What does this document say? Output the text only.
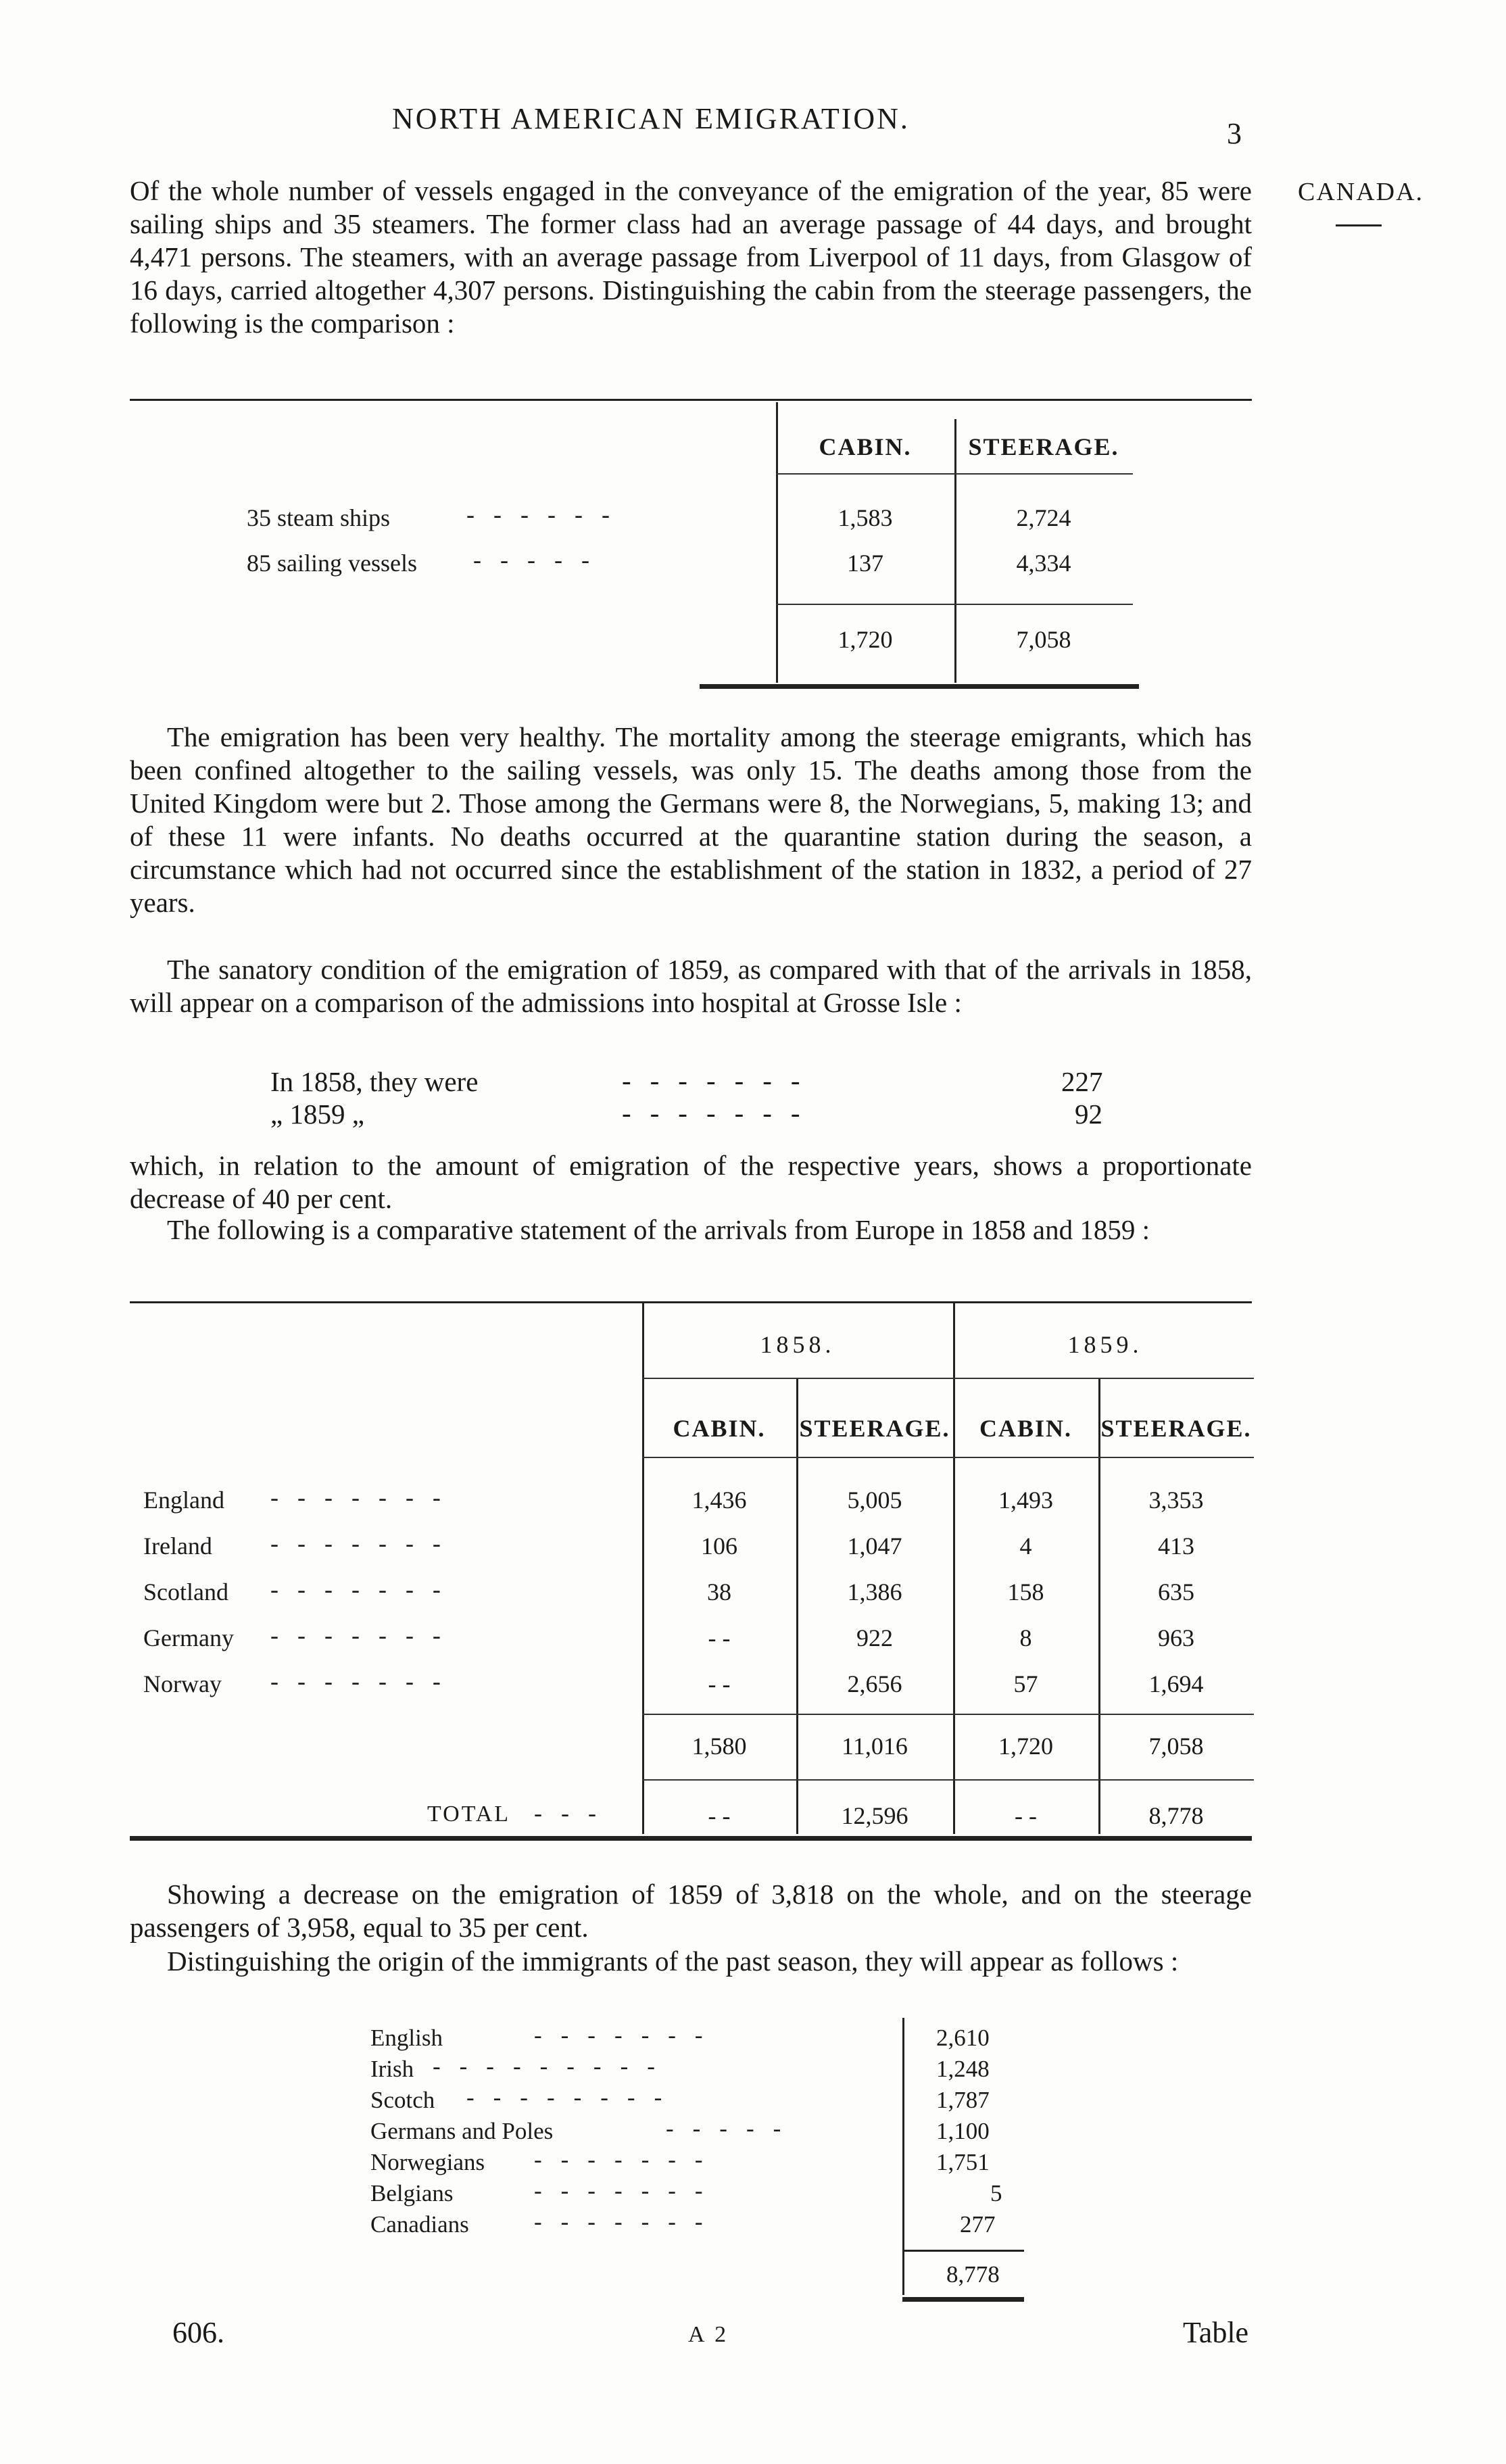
NORTH AMERICAN EMIGRATION.	3
CANADA.
Of the whole number of vessels engaged in the conveyance of the emigration of the year, 85 were sailing ships and 35 steamers. The former class had an average passage of 44 days, and brought 4,471 persons. The steamers, with an average passage from Liverpool of 11 days, from Glasgow of 16 days, carried altogether 4,307 persons. Distinguishing the cabin from the steerage passengers, the following is the comparison :
CABIN.	STEERAGE.
35 steam ships	------	1,583	2,724
85 sailing vessels -----	137	4,334
1,720	7,058
The emigration has been very healthy. The mortality among the steerage emigrants, which has been confined altogether to the sailing vessels, was only 15. The deaths among those from the United Kingdom were but 2. Those among the Germans were 8, the Norwegians, 5, making 13; and of these 11 were infants. No deaths occurred at the quarantine station during the season, a circumstance which had not occurred since the establishment of the station in 1832, a period of 27 years.
The sanatory condition of the emigration of 1859, as compared with that of the arrivals in 1858, will appear on a comparison of the admissions into hospital at Grosse Isle :
In 1858, they were	-------	227
„ 1859 „	-------	92
which, in relation to the amount of emigration of the respective years, shows a proportionate decrease of 40 per cent.
The following is a comparative statement of the arrivals from Europe in 1858 and 1859 :
1858.	1859.
CABIN.	STEERAGE.	CABIN.	STEERAGE.
England -------	1,436	5,005	1,493	3,353
Ireland -------	106	1,047	4	413
Scotland -------	38	1,386	158	635
Germany -------	- -	922	8	963
Norway -------	- -	2,656	57	1,694
1,580	11,016	1,720	7,058
TOTAL ---	- -	12,596	- -	8,778
Showing a decrease on the emigration of 1859 of 3,818 on the whole, and on the steerage passengers of 3,958, equal to 35 per cent.
Distinguishing the origin of the immigrants of the past season, they will appear as follows :
English	-------	2,610
Irish ---------	1,248
Scotch --------	1,787
Germans and Poles	-----	1,100
Norwegians -------	1,751
Belgians	-------	5
Canadians	-------	277
8,778
606.	A 2	Table
